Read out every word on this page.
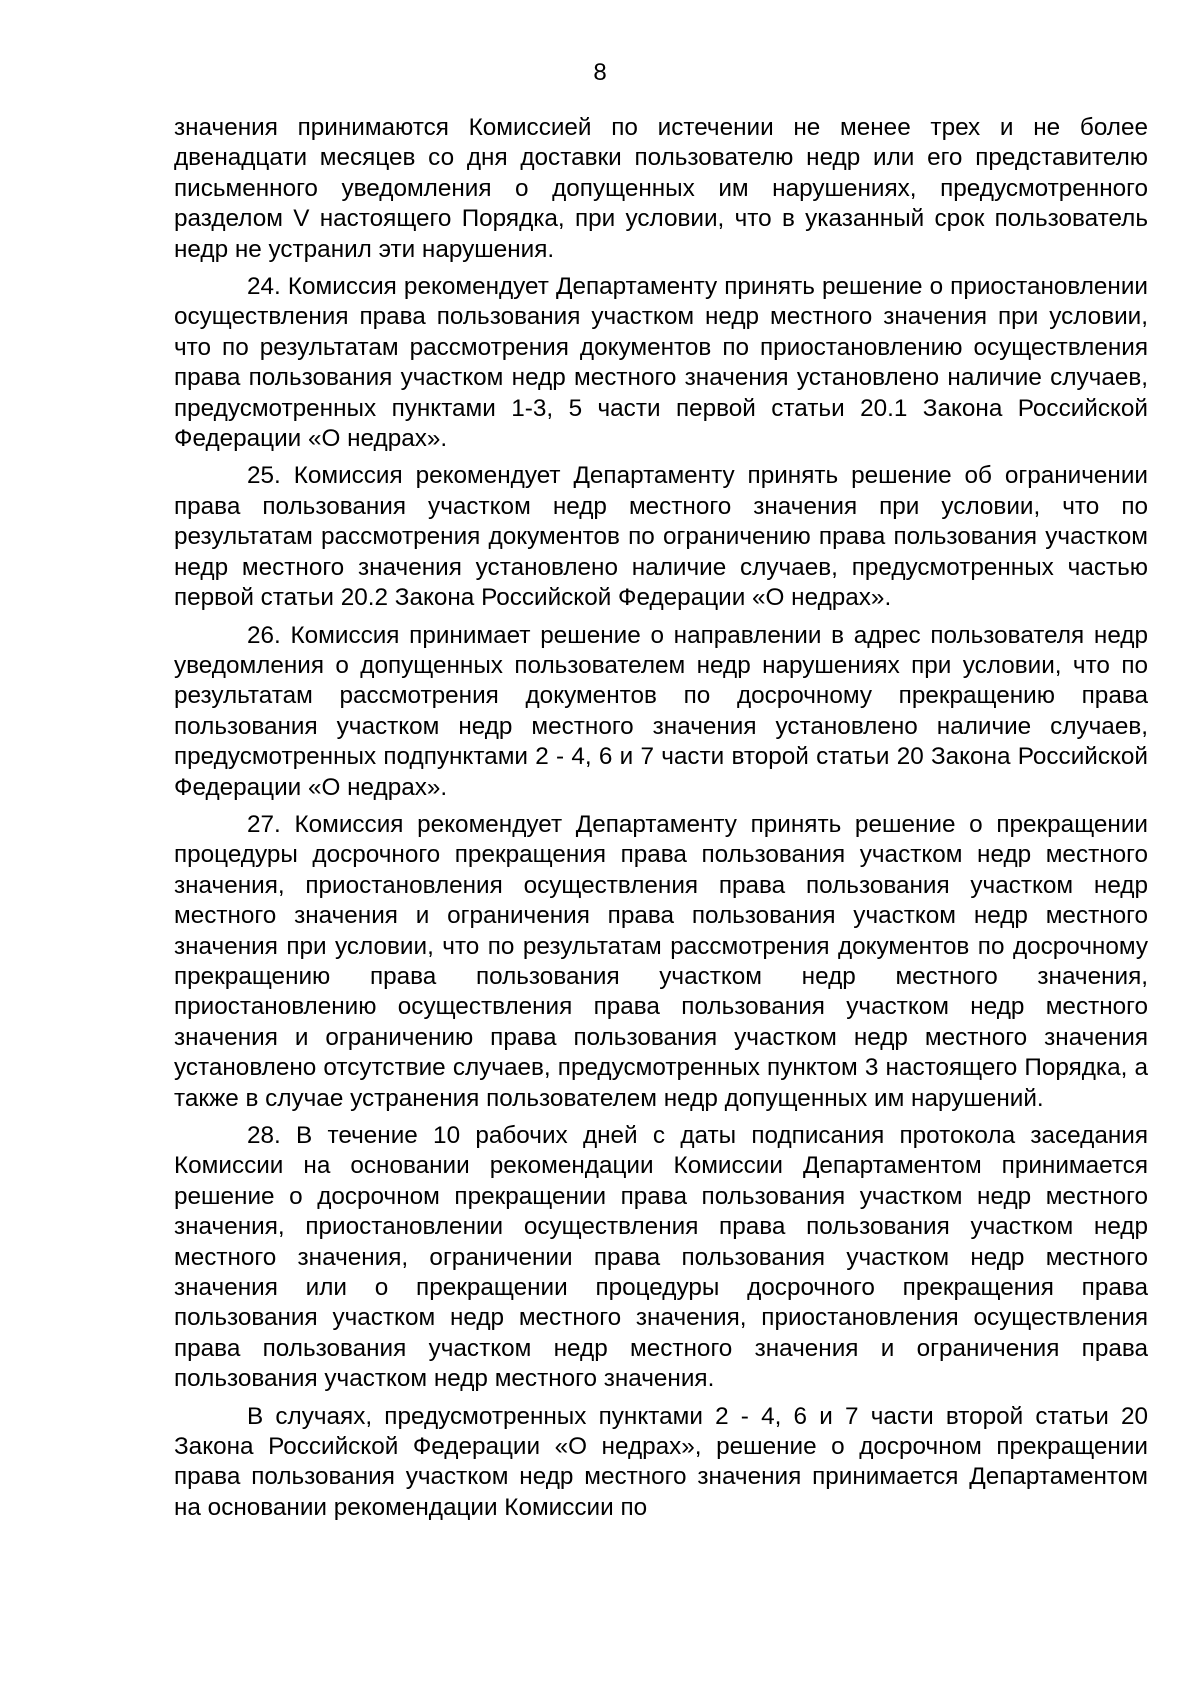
8

значения принимаются Комиссией по истечении не менее трех и не более двенадцати месяцев со дня доставки пользователю недр или его представителю письменного уведомления о допущенных им нарушениях, предусмотренного разделом V настоящего Порядка, при условии, что в указанный срок пользователь недр не устранил эти нарушения.

24. Комиссия рекомендует Департаменту принять решение о приостановлении осуществления права пользования участком недр местного значения при условии, что по результатам рассмотрения документов по приостановлению осуществления права пользования участком недр местного значения установлено наличие случаев, предусмотренных пунктами 1-3, 5 части первой статьи 20.1 Закона Российской Федерации «О недрах».

25. Комиссия рекомендует Департаменту принять решение об ограничении права пользования участком недр местного значения при условии, что по результатам рассмотрения документов по ограничению права пользования участком недр местного значения установлено наличие случаев, предусмотренных частью первой статьи 20.2 Закона Российской Федерации «О недрах».

26. Комиссия принимает решение о направлении в адрес пользователя недр уведомления о допущенных пользователем недр нарушениях при условии, что по результатам рассмотрения документов по досрочному прекращению права пользования участком недр местного значения установлено наличие случаев, предусмотренных подпунктами 2 - 4, 6 и 7 части второй статьи 20 Закона Российской Федерации «О недрах».

27. Комиссия рекомендует Департаменту принять решение о прекращении процедуры досрочного прекращения права пользования участком недр местного значения, приостановления осуществления права пользования участком недр местного значения и ограничения права пользования участком недр местного значения при условии, что по результатам рассмотрения документов по досрочному прекращению права пользования участком недр местного значения, приостановлению осуществления права пользования участком недр местного значения и ограничению права пользования участком недр местного значения установлено отсутствие случаев, предусмотренных пунктом 3 настоящего Порядка, а также в случае устранения пользователем недр допущенных им нарушений.

28. В течение 10 рабочих дней с даты подписания протокола заседания Комиссии на основании рекомендации Комиссии Департаментом принимается решение о досрочном прекращении права пользования участком недр местного значения, приостановлении осуществления права пользования участком недр местного значения, ограничении права пользования участком недр местного значения или о прекращении процедуры досрочного прекращения права пользования участком недр местного значения, приостановления осуществления права пользования участком недр местного значения и ограничения права пользования участком недр местного значения.

В случаях, предусмотренных пунктами 2 - 4, 6 и 7 части второй статьи 20 Закона Российской Федерации «О недрах», решение о досрочном прекращении права пользования участком недр местного значения принимается Департаментом на основании рекомендации Комиссии по
